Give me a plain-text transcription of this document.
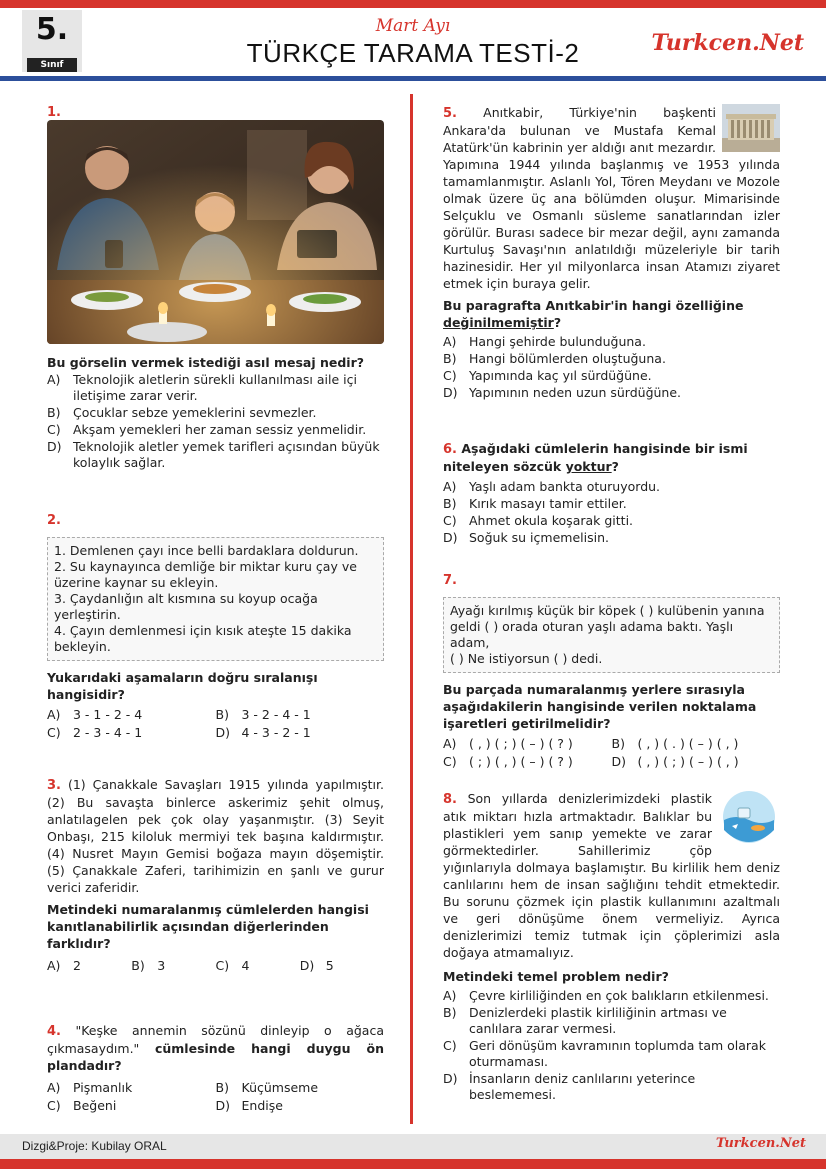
5.
Sınıf
Mart Ayı
TÜRKÇE TARAMA TESTİ-2	Turkcen.Net
1.
Bu görselin vermek istediği asıl mesaj nedir?
A)	Teknolojik aletlerin sürekli kullanılması aile içi iletişime zarar verir.
B)	Çocuklar sebze yemeklerini sevmezler.
C) Akşam yemekleri her zaman sessiz yenmelidir.
D) Teknolojik aletler yemek tarifleri açısından büyük kolaylık sağlar.
2.
1. Demlenen çayı ince belli bardaklara doldurun.
2. Su kaynayınca demliğe bir miktar kuru çay ve üzerine kaynar su ekleyin.
3. Çaydanlığın alt kısmına su koyup ocağa yerleştirin.
4. Çayın demlenmesi için kısık ateşte 15 dakika bekleyin.
Yukarıdaki aşamaların doğru sıralanışı hangisidir?
A)	3 - 1 - 2 - 4	B)	3 - 2 - 4 - 1
C) 2 - 3 - 4 - 1	D) 4 - 3 - 2 - 1
3. (1) Çanakkale Savaşları 1915 yılında yapılmıştır. (2) Bu savaşta binlerce askerimiz şehit olmuş, anlatılagelen pek çok olay yaşanmıştır. (3) Seyit Onbaşı, 215 kiloluk mermiyi tek başına kaldırmıştır. (4) Nusret Mayın Gemisi boğaza mayın döşemiştir. (5) Çanakkale Zaferi, tarihimizin en şanlı ve gurur verici zaferidir.
Metindeki numaralanmış cümlelerden hangisi kanıtlanabilirlik açısından diğerlerinden farklıdır?
A)	2	B)	3	C) 4	D) 5
4. "Keşke annemin sözünü dinleyip o ağaca çıkmasaydım." cümlesinde hangi duygu ön plandadır?
A)	Pişmanlık	B)	Küçümseme
C) Beğeni	D) Endişe
5. Anıtkabir, Türkiye'nin başkenti Ankara'da bulunan ve Mustafa Kemal Atatürk'ün kabrinin yer aldığı anıt mezardır. Yapımına 1944 yılında başlanmış ve 1953 yılında tamamlanmıştır. Aslanlı Yol, Tören Meydanı ve Mozole olmak üzere üç ana bölümden oluşur. Mimarisinde Selçuklu ve Osmanlı süsleme sanatlarından izler görülür. Burası sadece bir mezar değil, aynı zamanda Kurtuluş Savaşı'nın anlatıldığı müzeleriyle bir tarih hazinesidir. Her yıl milyonlarca insan Atamızı ziyaret etmek için buraya gelir.
Bu paragrafta Anıtkabir'in hangi özelliğine değinilmemiştir?
A)	Hangi şehirde bulunduğuna.
B)	Hangi bölümlerden oluştuğuna.
C) Yapımında kaç yıl sürdüğüne.
D) Yapımının neden uzun sürdüğüne.
6. Aşağıdaki cümlelerin hangisinde bir ismi niteleyen sözcük yoktur?
A)	Yaşlı adam bankta oturuyordu.
B)	Kırık masayı tamir ettiler.
C) Ahmet okula koşarak gitti.
D) Soğuk su içmemelisin.
7.
Ayağı kırılmış küçük bir köpek ( ) kulübenin yanına geldi ( ) orada oturan yaşlı adama baktı. Yaşlı adam,
( ) Ne istiyorsun ( ) dedi.
Bu parçada numaralanmış yerlere sırasıyla aşağıdakilerin hangisinde verilen noktalama işaretleri getirilmelidir?
A)	( , ) ( ; ) ( – ) ( ? )	B)	( , ) ( . ) ( – ) ( , )
C) ( ; ) ( , ) ( – ) ( ? )	D) ( , ) ( ; ) ( – ) ( , )
8. Son yıllarda denizlerimizdeki plastik atık miktarı hızla artmaktadır. Balıklar bu plastikleri yem sanıp yemekte ve zarar görmektedirler. Sahillerimiz çöp yığınlarıyla dolmaya başlamıştır. Bu kirlilik hem deniz canlılarını hem de insan sağlığını tehdit etmektedir. Bu sorunu çözmek için plastik kullanımını azaltmalı ve geri dönüşüme önem vermeliyiz. Ayrıca denizlerimizi temiz tutmak için çöplerimizi asla doğaya atmamalıyız.
Metindeki temel problem nedir?
A)	Çevre kirliliğinden en çok balıkların etkilenmesi.
B)	Denizlerdeki plastik kirliliğinin artması ve canlılara zarar vermesi.
C) Geri dönüşüm kavramının toplumda tam olarak oturmaması.
D) İnsanların deniz canlılarını yeterince beslememesi.
Dizgi&Proje: Kubilay ORAL	Turkcen.Net
